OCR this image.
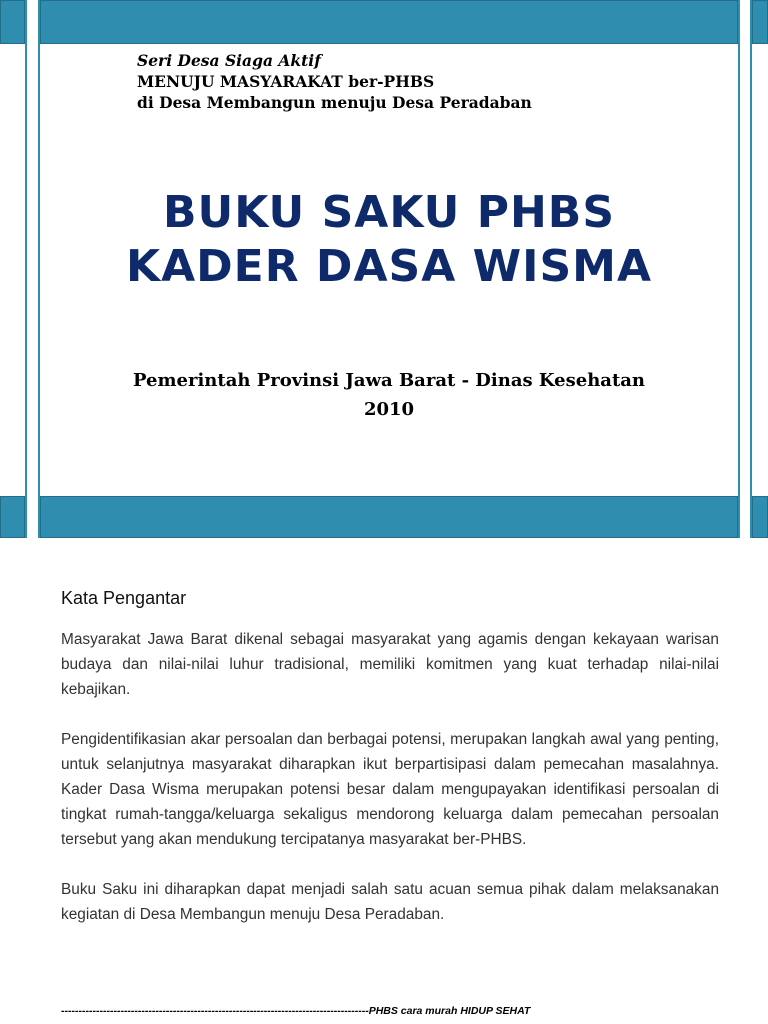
Seri Desa Siaga Aktif
MENUJU MASYARAKAT ber-PHBS
di Desa Membangun menuju Desa Peradaban
BUKU SAKU PHBS
KADER DASA WISMA
Pemerintah Provinsi Jawa Barat - Dinas Kesehatan
2010
Kata Pengantar

Masyarakat Jawa Barat dikenal sebagai masyarakat yang agamis dengan kekayaan warisan budaya dan nilai-nilai luhur tradisional, memiliki komitmen yang kuat terhadap nilai-nilai kebajikan.

Pengidentifikasian akar persoalan dan berbagai potensi, merupakan langkah awal yang penting, untuk selanjutnya masyarakat diharapkan ikut berpartisipasi dalam pemecahan masalahnya. Kader Dasa Wisma merupakan potensi besar dalam mengupayakan identifikasi persoalan di tingkat rumah-tangga/keluarga sekaligus mendorong keluarga dalam pemecahan persoalan tersebut yang akan mendukung tercipatanya masyarakat ber-PHBS.

Buku Saku ini diharapkan dapat menjadi salah satu acuan semua pihak dalam melaksanakan kegiatan di Desa Membangun menuju Desa Peradaban.

----------------------------------------------------------------------------------------PHBS cara murah HIDUP SEHAT
